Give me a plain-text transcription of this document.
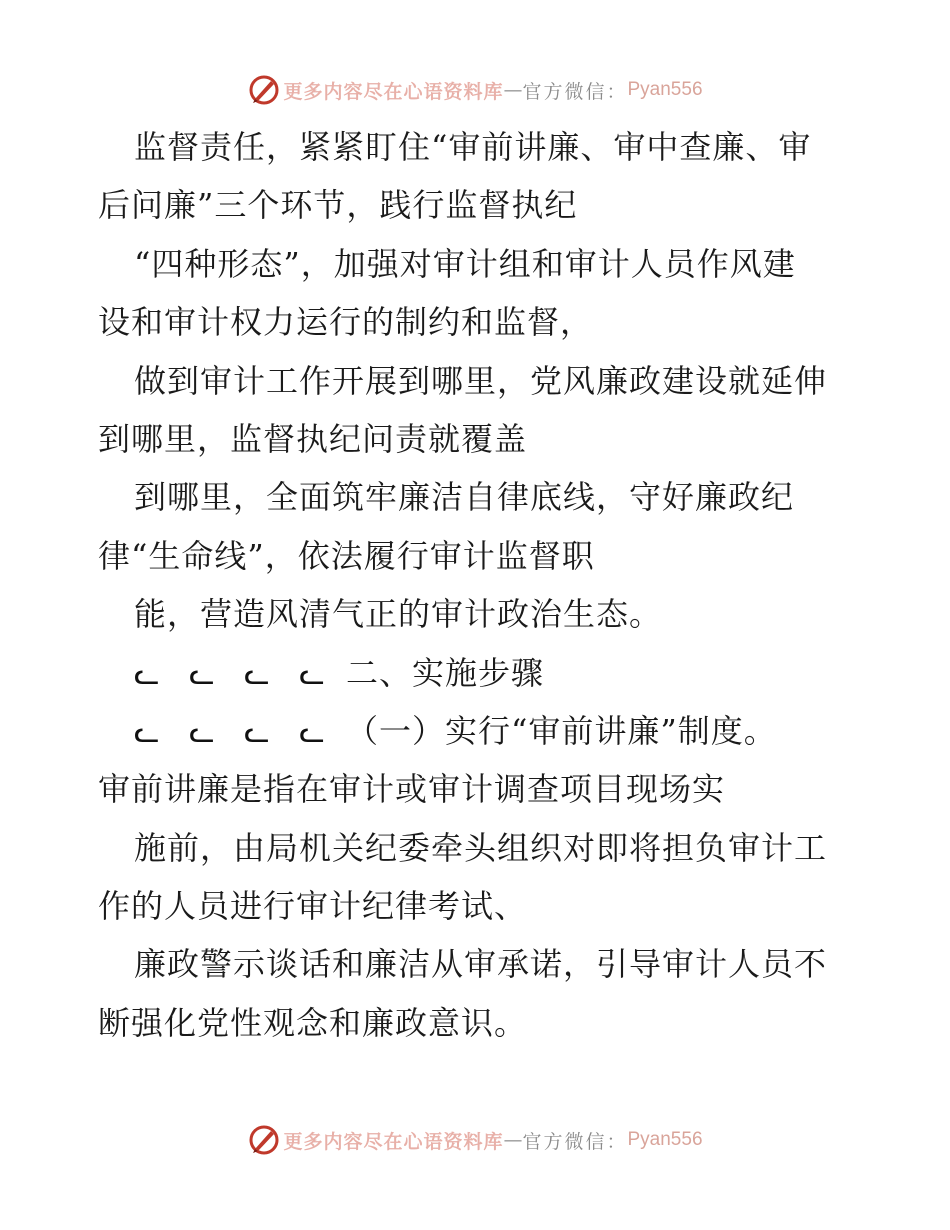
更多内容尽在心语资料库 — 官方微信： Pyan556
监督责任，紧紧盯住“审前讲廉、审中查廉、审
后问廉”三个环节，践行监督执纪
“四种形态”，加强对审计组和审计人员作风建
设和审计权力运行的制约和监督，
做到审计工作开展到哪里，党风廉政建设就延伸
到哪里，监督执纪问责就覆盖
到哪里，全面筑牢廉洁自律底线，守好廉政纪
律“生命线”，依法履行审计监督职
能，营造风清气正的审计政治生态。
ᓚ ᓚ ᓚ ᓚ 二、实施步骤
ᓚ ᓚ ᓚ ᓚ （一）实行“审前讲廉”制度。
审前讲廉是指在审计或审计调查项目现场实
施前，由局机关纪委牵头组织对即将担负审计工
作的人员进行审计纪律考试、
廉政警示谈话和廉洁从审承诺，引导审计人员不
断强化党性观念和廉政意识。
更多内容尽在心语资料库 — 官方微信： Pyan556
